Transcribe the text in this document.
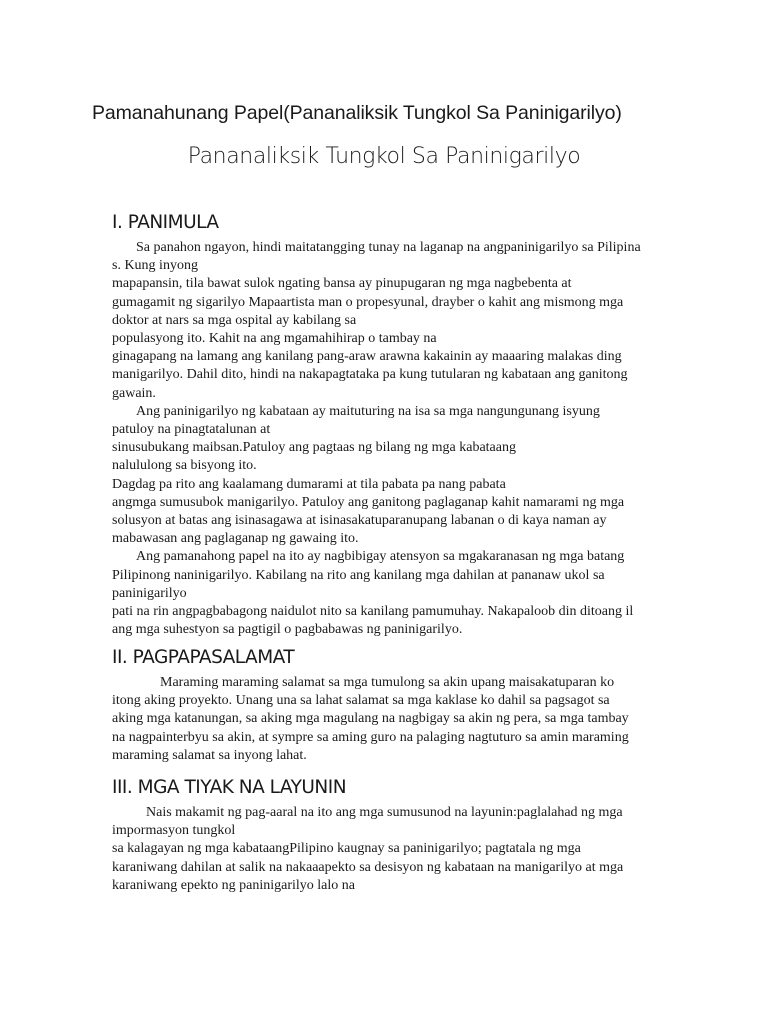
Pamanahunang Papel(Pananaliksik Tungkol Sa Paninigarilyo)
Pananaliksik Tungkol Sa Paninigarilyo
I. PANIMULA
Sa panahon ngayon, hindi maitatangging tunay na laganap na angpaninigarilyo sa Pilipina
s. Kung inyong
mapapansin, tila bawat sulok ngating bansa ay pinupugaran ng mga nagbebenta at
gumagamit ng sigarilyo Mapaartista man o propesyunal, drayber o kahit ang mismong mga
doktor at nars sa mga ospital ay kabilang sa
populasyong ito. Kahit na ang mgamahihirap o tambay na
ginagapang na lamang ang kanilang pang-araw arawna kakainin ay maaaring malakas ding
manigarilyo. Dahil dito, hindi na nakapagtataka pa kung tutularan ng kabataan ang ganitong
gawain.
Ang paninigarilyo ng kabataan ay maituturing na isa sa mga nangungunang isyung
patuloy na pinagtatalunan at
sinusubukang maibsan.Patuloy ang pagtaas ng bilang ng mga kabataang
nalululong sa bisyong ito.
Dagdag pa rito ang kaalamang dumarami at tila pabata pa nang pabata
angmga sumusubok manigarilyo. Patuloy ang ganitong paglaganap kahit namarami ng mga
solusyon at batas ang isinasagawa at isinasakatuparanupang labanan o di kaya naman ay
mabawasan ang paglaganap ng gawaing ito.
Ang pamanahong papel na ito ay nagbibigay atensyon sa mgakaranasan ng mga batang
Pilipinong naninigarilyo. Kabilang na rito ang kanilang mga dahilan at pananaw ukol sa
paninigarilyo
pati na rin angpagbabagong naidulot nito sa kanilang pamumuhay. Nakapaloob din ditoang il
ang mga suhestyon sa pagtigil o pagbabawas ng paninigarilyo.
II. PAGPAPASALAMAT
Maraming maraming salamat sa mga tumulong sa akin upang maisakatuparan ko
itong aking proyekto. Unang una sa lahat salamat sa mga kaklase ko dahil sa pagsagot sa
aking mga katanungan, sa aking mga magulang na nagbigay sa akin ng pera, sa mga tambay
na nagpainterbyu sa akin, at sympre sa aming guro na palaging nagtuturo sa amin maraming
maraming salamat sa inyong lahat.
III. MGA TIYAK NA LAYUNIN
Nais makamit ng pag-aaral na ito ang mga sumusunod na layunin:paglalahad ng mga
impormasyon tungkol
sa kalagayan ng mga kabataangPilipino kaugnay sa paninigarilyo; pagtatala ng mga
karaniwang dahilan at salik na nakaaapekto sa desisyon ng kabataan na manigarilyo at mga
karaniwang epekto ng paninigarilyo lalo na
